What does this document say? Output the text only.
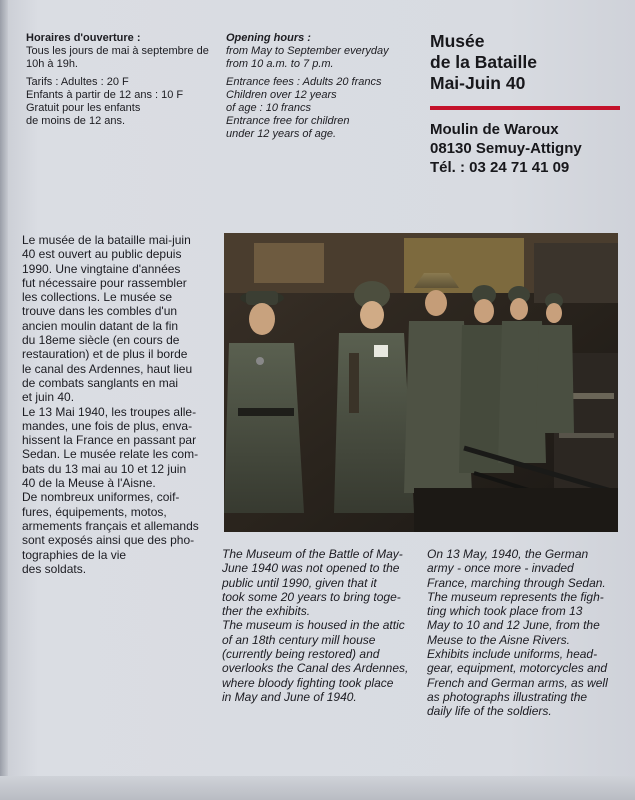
Horaires d'ouverture :
Tous les jours de mai à septembre de
10h à 19h.
Tarifs : Adultes : 20 F
Enfants à partir de 12 ans : 10 F
Gratuit pour les enfants
de moins de 12 ans.
Opening hours :
from May to September everyday
from 10 a.m. to 7 p.m.
Entrance fees : Adults 20 francs
Children over 12 years
of age : 10 francs
Entrance free for children
under 12 years of age.
Musée
de la Bataille
Mai-Juin 40
Moulin de Waroux
08130 Semuy-Attigny
Tél. : 03 24 71 41 09
Le musée de la bataille mai-juin
40 est ouvert au public depuis
1990. Une vingtaine d'années
fut nécessaire pour rassembler
les collections. Le musée se
trouve dans les combles d'un
ancien moulin datant de la fin
du 18eme siècle (en cours de
restauration) et de plus il borde
le canal des Ardennes, haut lieu
de combats sanglants en mai
et juin 40.
Le 13 Mai 1940, les troupes alle-
mandes, une fois de plus, enva-
hissent la France en passant par
Sedan. Le musée relate les com-
bats du 13 mai au 10 et 12 juin
40 de la Meuse à l'Aisne.
De nombreux uniformes, coif-
fures, équipements, motos,
armements français et allemands
sont exposés ainsi que des pho-
tographies de la vie
des soldats.
The Museum of the Battle of May-
June 1940 was not opened to the
public until 1990, given that it
took some 20 years to bring toge-
ther the exhibits.
The museum is housed in the attic
of an 18th century mill house
(currently being restored) and
overlooks the Canal des Ardennes,
where bloody fighting took place
in May and June of 1940.
On 13 May, 1940, the German
army - once more - invaded
France, marching through Sedan.
The museum represents the figh-
ting which took place from 13
May to 10 and 12 June, from the
Meuse to the Aisne Rivers.
Exhibits include uniforms, head-
gear, equipment, motorcycles and
French and German arms, as well
as photographs illustrating the
daily life of the soldiers.
